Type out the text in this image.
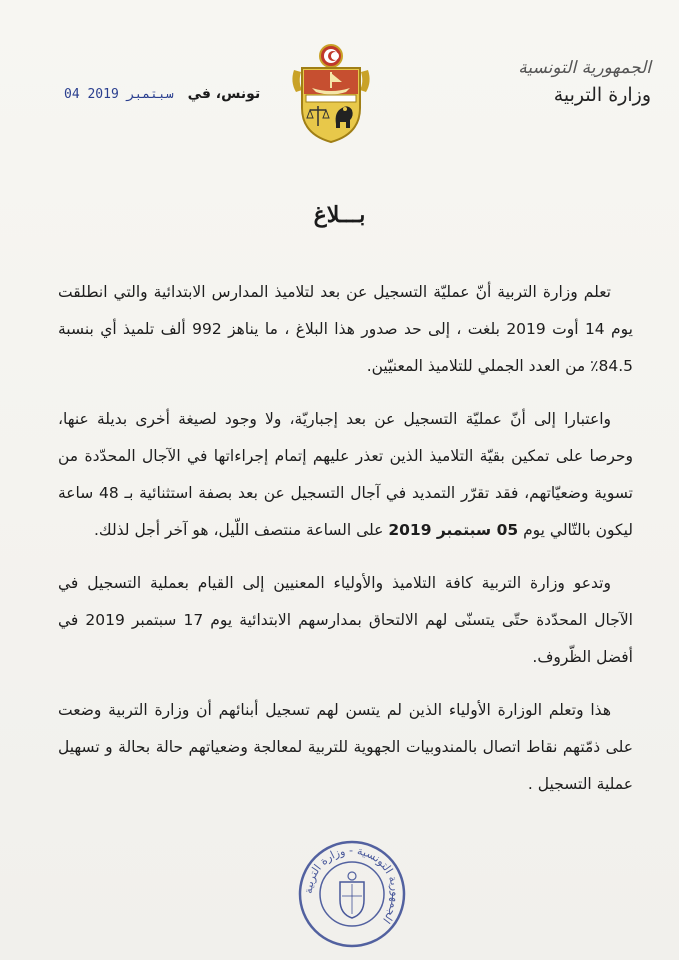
الجمهورية التونسية
وزارة التربية
04 سبتمبر 2019 تونس، في
بـــلاغ

تعلم وزارة التربية أنّ عمليّة التسجيل عن بعد لتلاميذ المدارس الابتدائية والتي انطلقت يوم 14 أوت 2019 بلغت ، إلى حد صدور هذا البلاغ ، ما يناهز 992 ألف تلميذ أي بنسبة 84.5٪ من العدد الجملي للتلاميذ المعنيّين.

واعتبارا إلى أنّ عمليّة التسجيل عن بعد إجباريّة، ولا وجود لصيغة أخرى بديلة عنها، وحرصا على تمكين بقيّة التلاميذ الذين تعذر عليهم إتمام إجراءاتها في الآجال المحدّدة من تسوية وضعيّاتهم، فقد تقرّر التمديد في آجال التسجيل عن بعد بصفة استثنائية بـ 48 ساعة ليكون بالتّالي يوم 05 سبتمبر 2019 على الساعة منتصف اللّيل، هو آخر أجل لذلك.

وتدعو وزارة التربية كافة التلاميذ والأولياء المعنيين إلى القيام بعملية التسجيل في الآجال المحدّدة حتّى يتسنّى لهم الالتحاق بمدارسهم الابتدائية يوم 17 سبتمبر 2019 في أفضل الظّروف.

هذا وتعلم الوزارة الأولياء الذين لم يتسن لهم تسجيل أبنائهم أن وزارة التربية وضعت على ذمّتهم نقاط اتصال بالمندوبيات الجهوية للتربية لمعالجة وضعياتهم حالة بحالة و تسهيل عملية التسجيل .

الجمهورية التونسية - وزارة التربية
